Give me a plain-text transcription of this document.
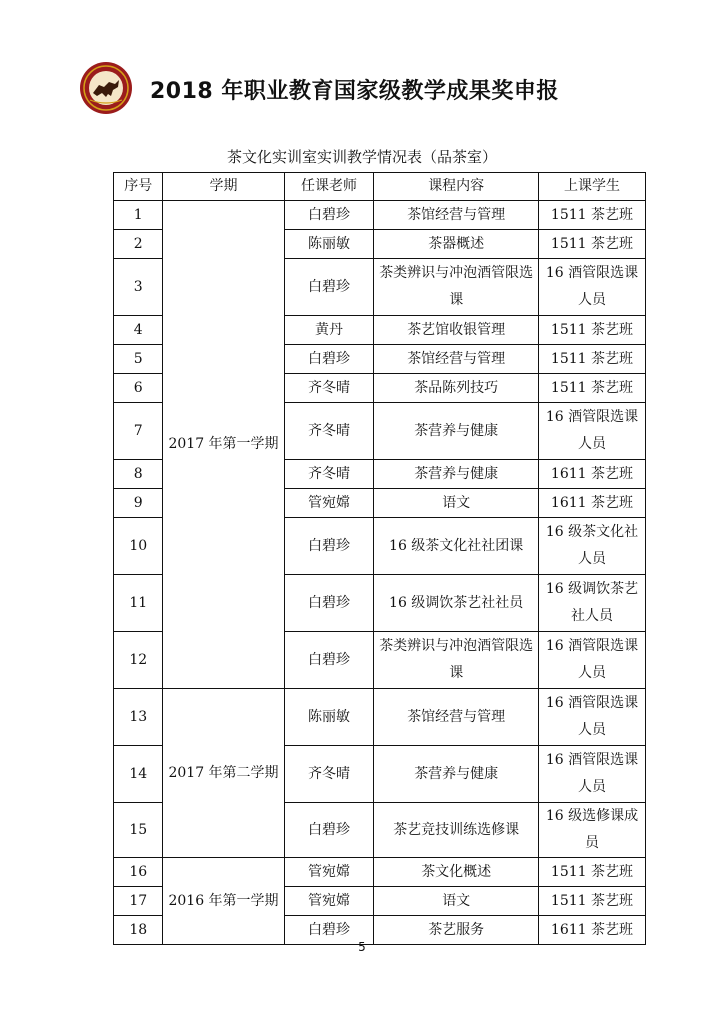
2018 年职业教育国家级教学成果奖申报
茶文化实训室实训教学情况表（品茶室）
序号	学期	任课老师	课程内容	上课学生
1	2017 年第一学期	白碧珍	茶馆经营与管理	1511 茶艺班
2		陈丽敏	茶器概述	1511 茶艺班
3		白碧珍	茶类辨识与冲泡酒管限选课	16 酒管限选课人员
4		黄丹	茶艺馆收银管理	1511 茶艺班
5		白碧珍	茶馆经营与管理	1511 茶艺班
6		齐冬晴	茶品陈列技巧	1511 茶艺班
7		齐冬晴	茶营养与健康	16 酒管限选课人员
8		齐冬晴	茶营养与健康	1611 茶艺班
9		管宛嫦	语文	1611 茶艺班
10		白碧珍	16 级茶文化社社团课	16 级茶文化社人员
11		白碧珍	16 级调饮茶艺社社员	16 级调饮茶艺社人员
12		白碧珍	茶类辨识与冲泡酒管限选课	16 酒管限选课人员
13	2017 年第二学期	陈丽敏	茶馆经营与管理	16 酒管限选课人员
14		齐冬晴	茶营养与健康	16 酒管限选课人员
15		白碧珍	茶艺竞技训练选修课	16 级选修课成员
16	2016 年第一学期	管宛嫦	茶文化概述	1511 茶艺班
17		管宛嫦	语文	1511 茶艺班
18		白碧珍	茶艺服务	1611 茶艺班
5
